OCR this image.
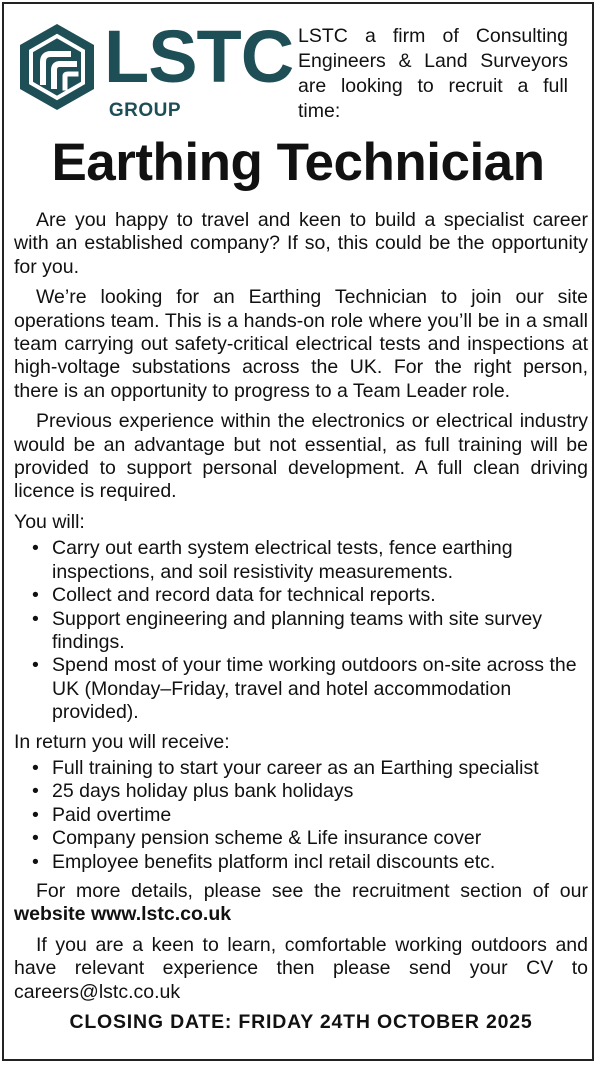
LSTC
GROUP
LSTC a firm of Consulting Engineers & Land Surveyors are looking to recruit a full time:
Earthing Technician

Are you happy to travel and keen to build a specialist career with an established company? If so, this could be the opportunity for you.

We’re looking for an Earthing Technician to join our site operations team. This is a hands-on role where you’ll be in a small team carrying out safety-critical electrical tests and inspections at high-voltage substations across the UK. For the right person, there is an opportunity to progress to a Team Leader role.

Previous experience within the electronics or electrical industry would be an advantage but not essential, as full training will be provided to support personal development. A full clean driving licence is required.

You will:

• Carry out earth system electrical tests, fence earthing inspections, and soil resistivity measurements.
• Collect and record data for technical reports.
• Support engineering and planning teams with site survey findings.
• Spend most of your time working outdoors on-site across the UK (Monday–Friday, travel and hotel accommodation provided).

In return you will receive:

• Full training to start your career as an Earthing specialist
• 25 days holiday plus bank holidays
• Paid overtime
• Company pension scheme & Life insurance cover
• Employee benefits platform incl retail discounts etc.

For more details, please see the recruitment section of our website www.lstc.co.uk

If you are a keen to learn, comfortable working outdoors and have relevant experience then please send your CV to careers@lstc.co.uk

CLOSING DATE: FRIDAY 24TH OCTOBER 2025
